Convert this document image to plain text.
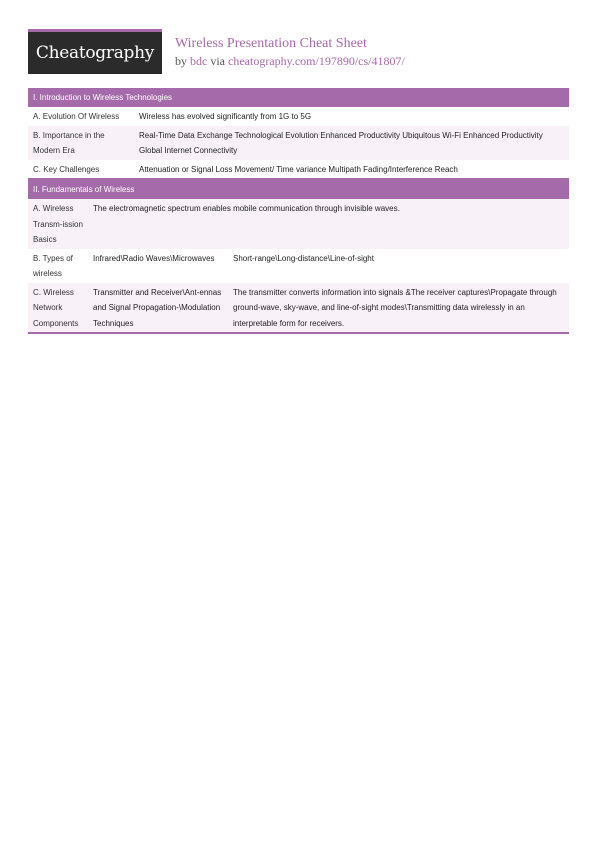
Cheatography Wireless Presentation Cheat Sheet
by bdc via cheatography.com/197890/cs/41807/
I. Introduction to Wireless Technologies
A. Evolution Of Wireless	Wireless has evolved significantly from 1G to 5G
B. Importance in the Modern Era	Real-Time Data Exchange Technological Evolution Enhanced Productivity Ubiquitous Wi-Fi Enhanced Productivity Global Internet Connectivity
C. Key Challenges	Attenuation or Signal Loss Movement/ Time variance Multipath Fading/Interference Reach
II. Fundamentals of Wireless
A. Wireless Transm-ission Basics	The electromagnetic spectrum enables mobile communication through invisible waves.	
B. Types of wireless	Infrared\Radio Waves\Microwaves	Short-range\Long-distance\Line-of-sight
C. Wireless Network Components	Transmitter and Receiver\Ant-ennas and Signal Propagation-\Modulation Techniques	The transmitter converts information into signals &The receiver captures\Propagate through ground-wave, sky-wave, and line-of-sight modes\Transmitting data wirelessly in an interpretable form for receivers.
